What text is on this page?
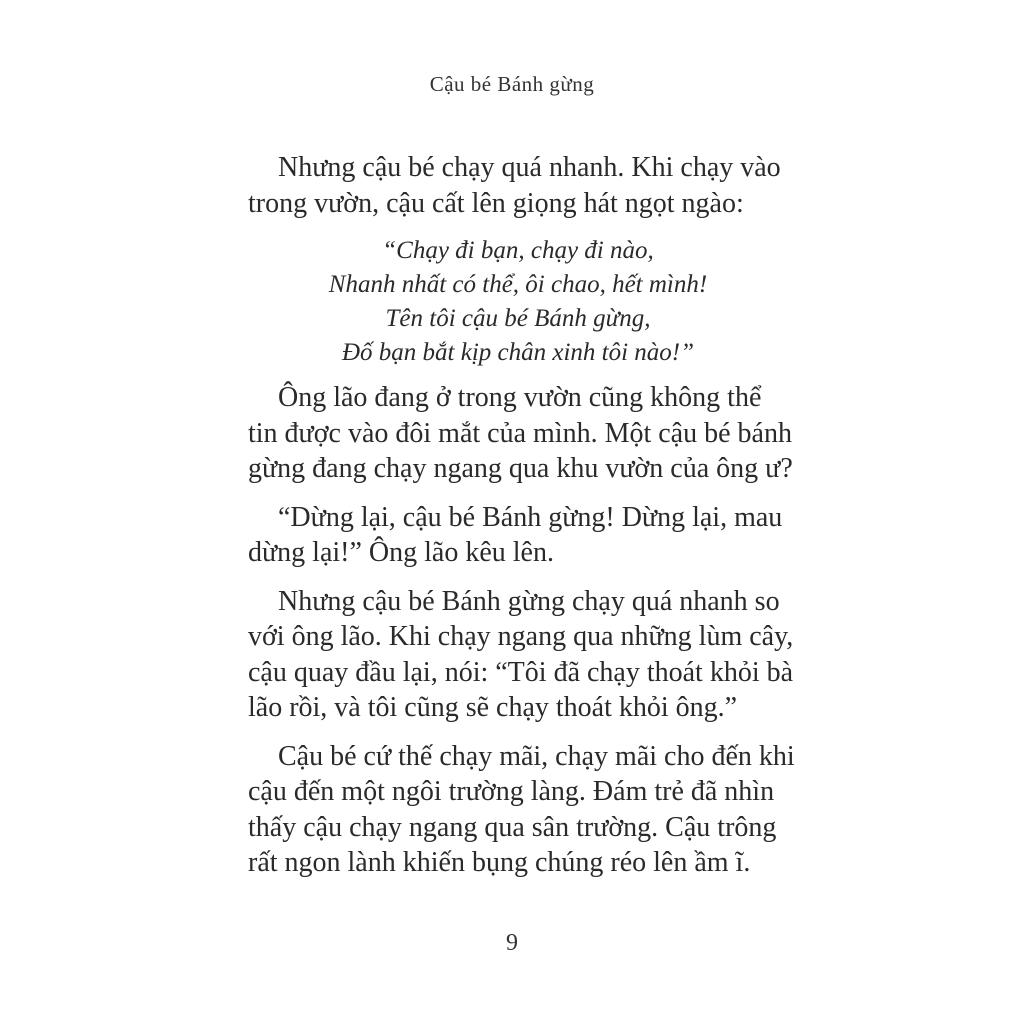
Cậu bé Bánh gừng

Nhưng cậu bé chạy quá nhanh. Khi chạy vào
trong vườn, cậu cất lên giọng hát ngọt ngào:

“Chạy đi bạn, chạy đi nào,
Nhanh nhất có thể, ôi chao, hết mình!
Tên tôi cậu bé Bánh gừng,
Đố bạn bắt kịp chân xinh tôi nào!”

Ông lão đang ở trong vườn cũng không thể
tin được vào đôi mắt của mình. Một cậu bé bánh
gừng đang chạy ngang qua khu vườn của ông ư?

“Dừng lại, cậu bé Bánh gừng! Dừng lại, mau
dừng lại!” Ông lão kêu lên.

Nhưng cậu bé Bánh gừng chạy quá nhanh so
với ông lão. Khi chạy ngang qua những lùm cây,
cậu quay đầu lại, nói: “Tôi đã chạy thoát khỏi bà
lão rồi, và tôi cũng sẽ chạy thoát khỏi ông.”

Cậu bé cứ thế chạy mãi, chạy mãi cho đến khi
cậu đến một ngôi trường làng. Đám trẻ đã nhìn
thấy cậu chạy ngang qua sân trường. Cậu trông
rất ngon lành khiến bụng chúng réo lên ầm ĩ.

9
